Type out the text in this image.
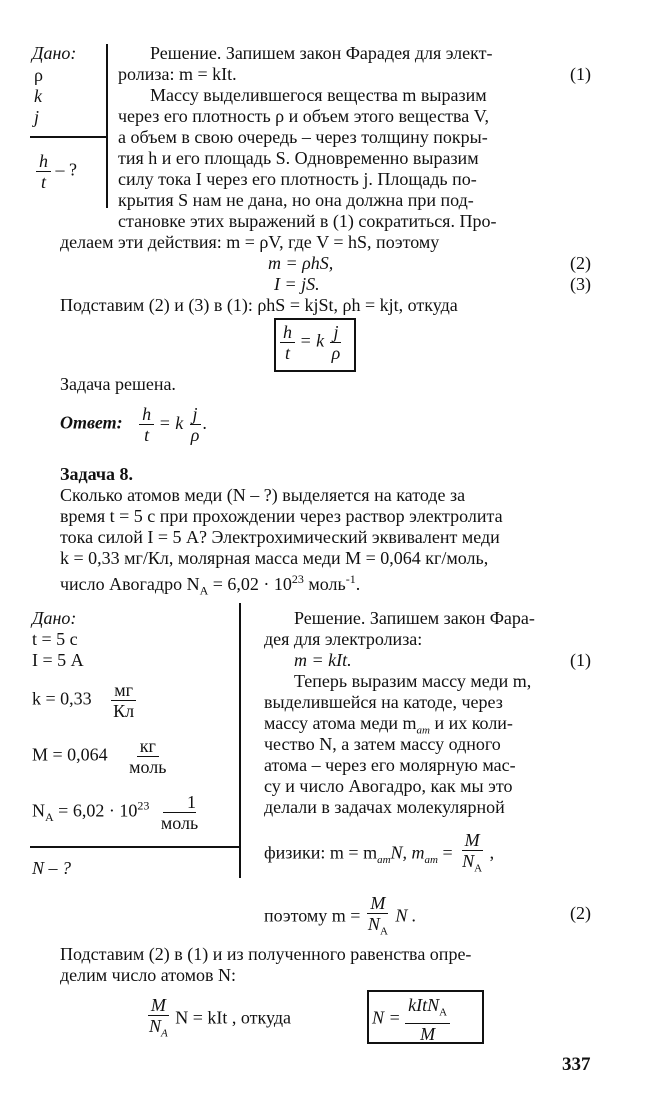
Дано:
ρ
k
j
$\frac{h}{t}$ – ?
Решение. Запишем закон Фарадея для элект-
ролиза: m = kIt.	(1)
Массу выделившегося вещества m выразим
через его плотность ρ и объем этого вещества V,
а объем в свою очередь – через толщину покры-
тия h и его площадь S. Одновременно выразим
силу тока I через его плотность j. Площадь по-
крытия S нам не дана, но она должна при под-
становке этих выражений в (1) сократиться. Про-
делаем эти действия: m = ρV, где V = hS, поэтому
m = ρhS,	(2)
I = jS.	(3)
Подставим (2) и (3) в (1): ρhS = kjSt, ρh = kjt, откуда
$\frac{h}{t} = k \frac{j}{\rho}$
Задача решена.
Ответ: $\frac{h}{t} = k \frac{j}{\rho}$ .
Задача 8.
Сколько атомов меди (N – ?) выделяется на катоде за
время t = 5 с при прохождении через раствор электролита
тока силой I = 5 А? Электрохимический эквивалент меди
k = 0,33 мг/Кл, молярная масса меди M = 0,064 кг/моль,
число Авогадро $N_A = 6,02 \cdot 10^{23}$ моль$^{-1}$.
Дано:
t = 5 с
I = 5 А
$k = 0,33 \frac{мг}{Кл}$
$M = 0,064 \frac{кг}{\text{моль}}$
$N_A = 6,02 \cdot 10^{23} \frac{1}{\text{моль}}$
N – ?
Решение. Запишем закон Фара-
дея для электролиза:
m = kIt.	(1)
Теперь выразим массу меди m,
выделившейся на катоде, через
массу атома меди $m_{ат}$ и их коли-
чество N, а затем массу одного
атома – через его молярную мас-
су и число Авогадро, как мы это
делали в задачах молекулярной
физики: $m = m_{ат}N$, $m_{ат} = \frac{M}{N_A}$ ,
поэтому $m = \frac{M}{N_A}$ N .	(2)
Подставим (2) в (1) и из полученного равенства опре-
делим число атомов N:
$\frac{M}{N_A}$ N = kIt , откуда	$N = \frac{kItN_A}{M}$
337
